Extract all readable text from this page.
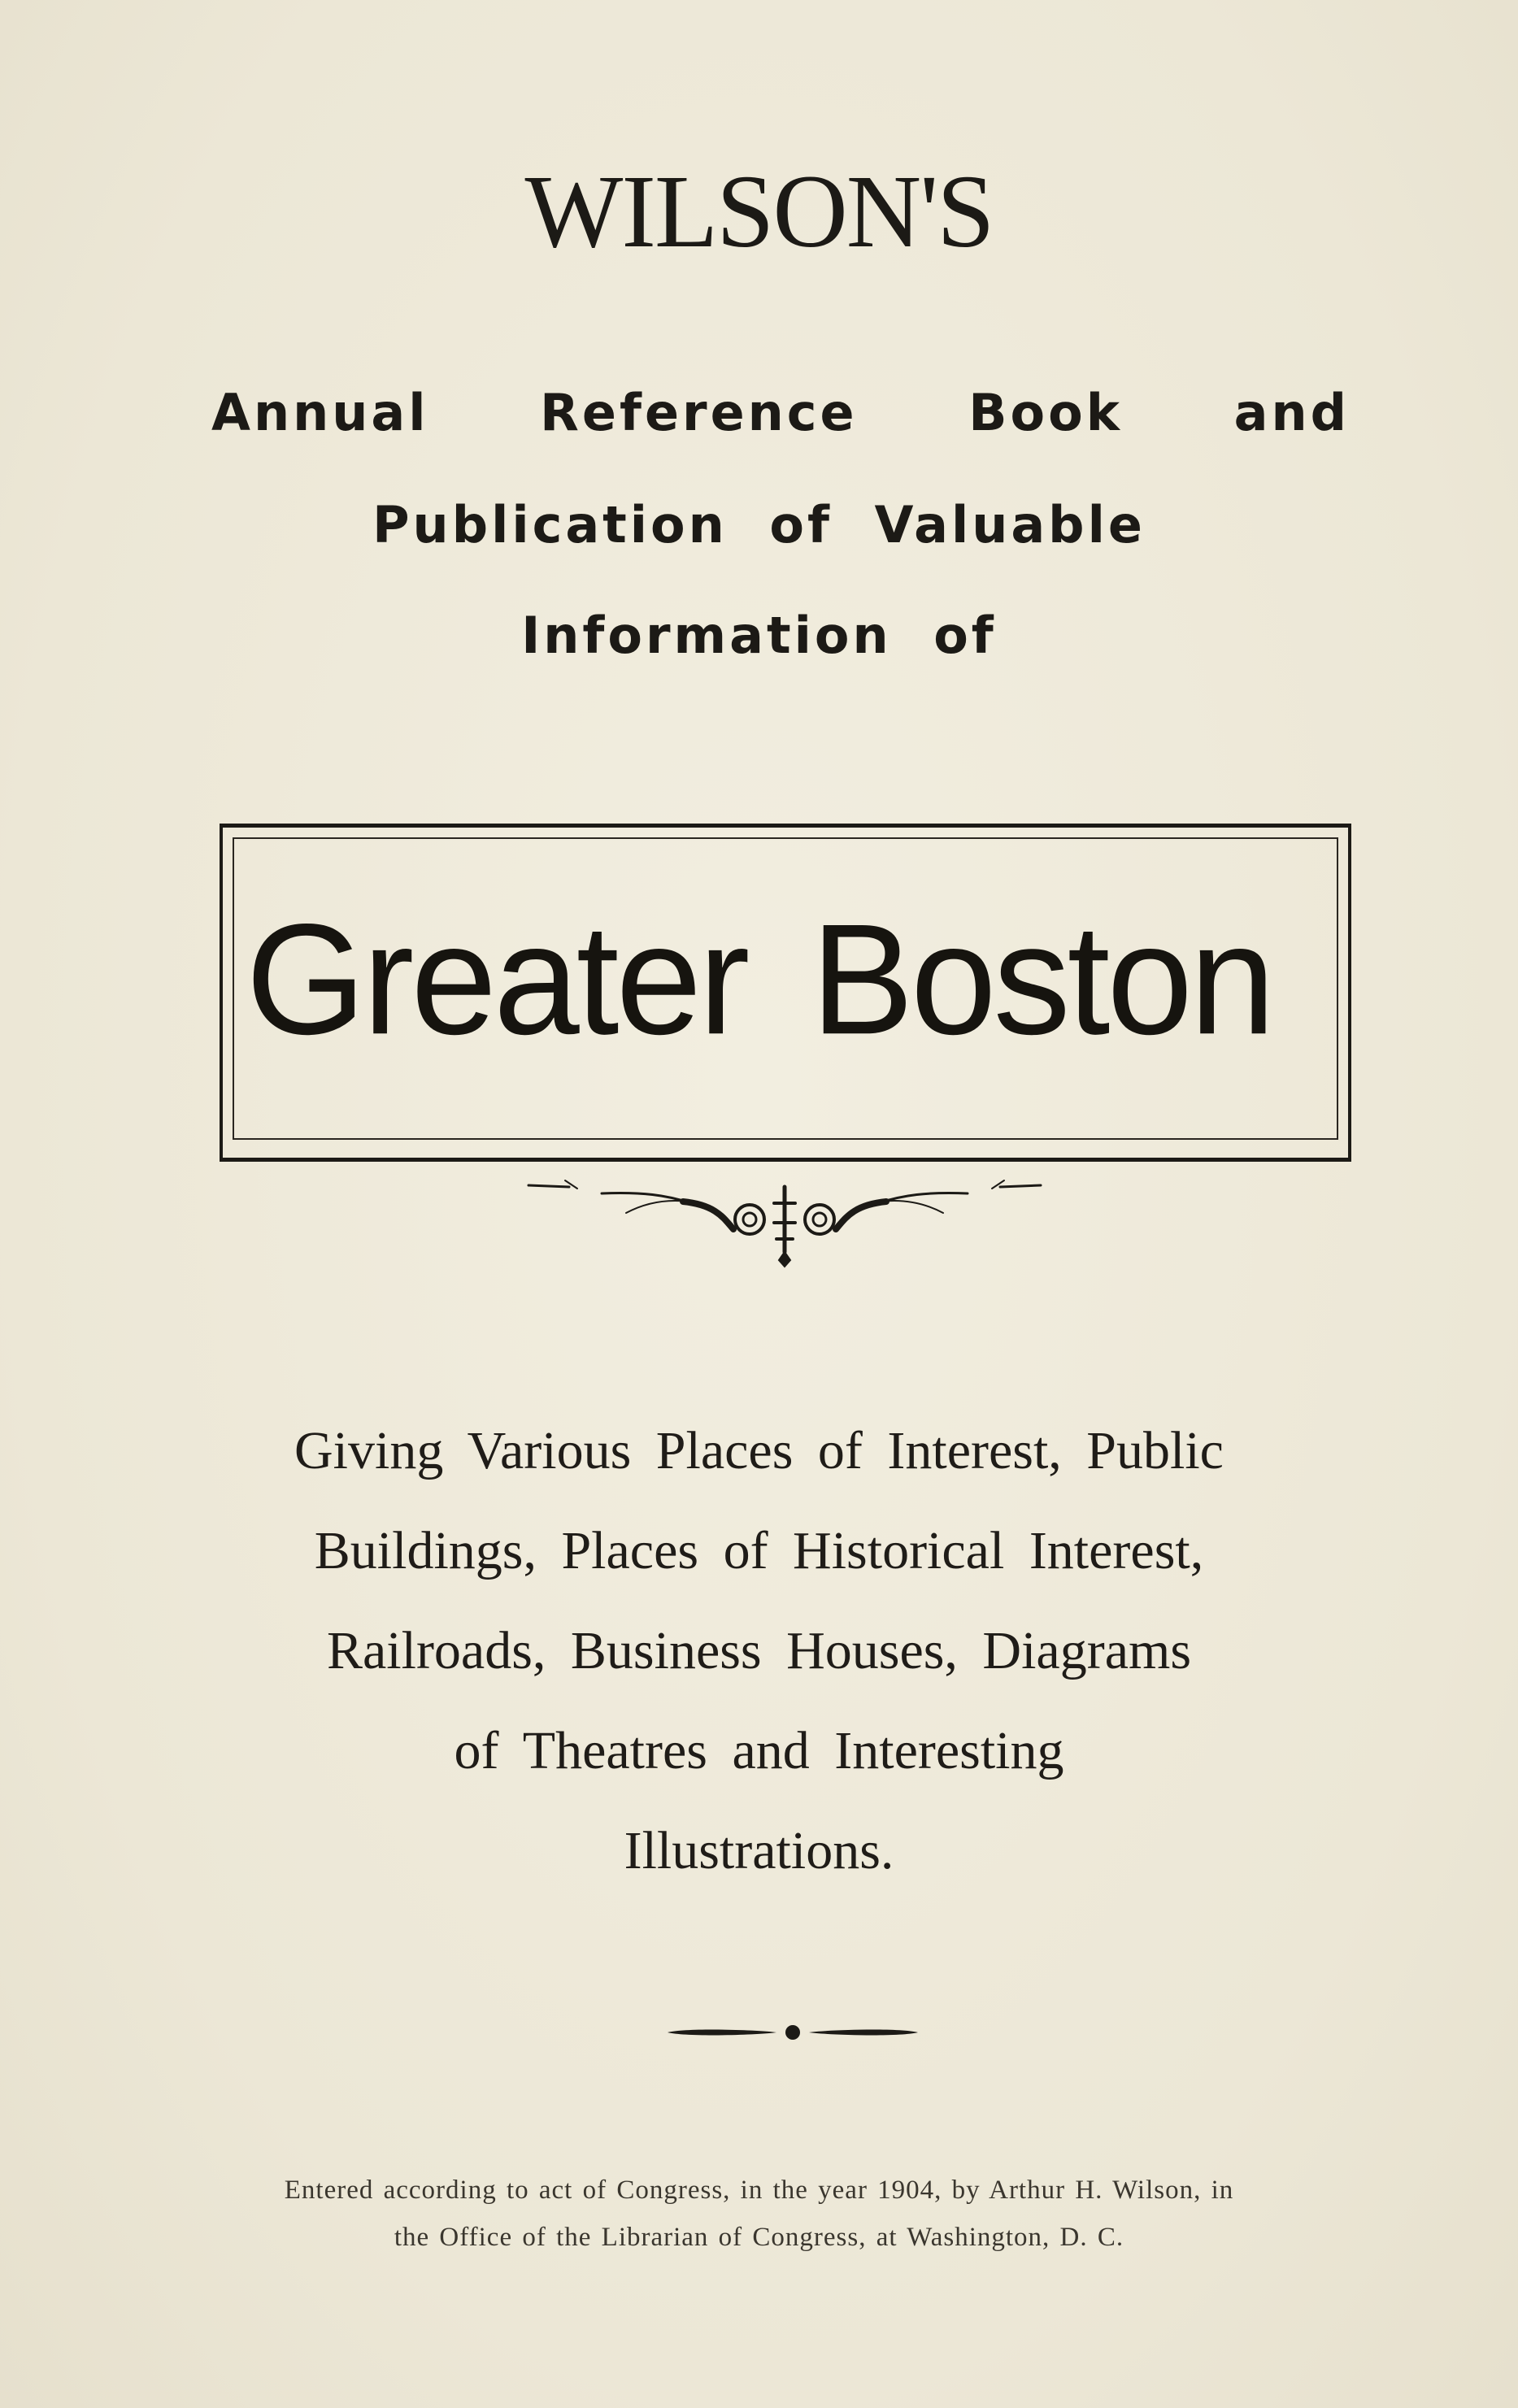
WILSON'S
Annual Reference Book and
Publication of Valuable
Information of
Greater Boston
Giving Various Places of Interest, Public
Buildings, Places of Historical Interest,
Railroads, Business Houses, Diagrams
of Theatres and Interesting
Illustrations.
Entered according to act of Congress, in the year 1904, by Arthur H. Wilson, in
the Office of the Librarian of Congress, at Washington, D. C.
